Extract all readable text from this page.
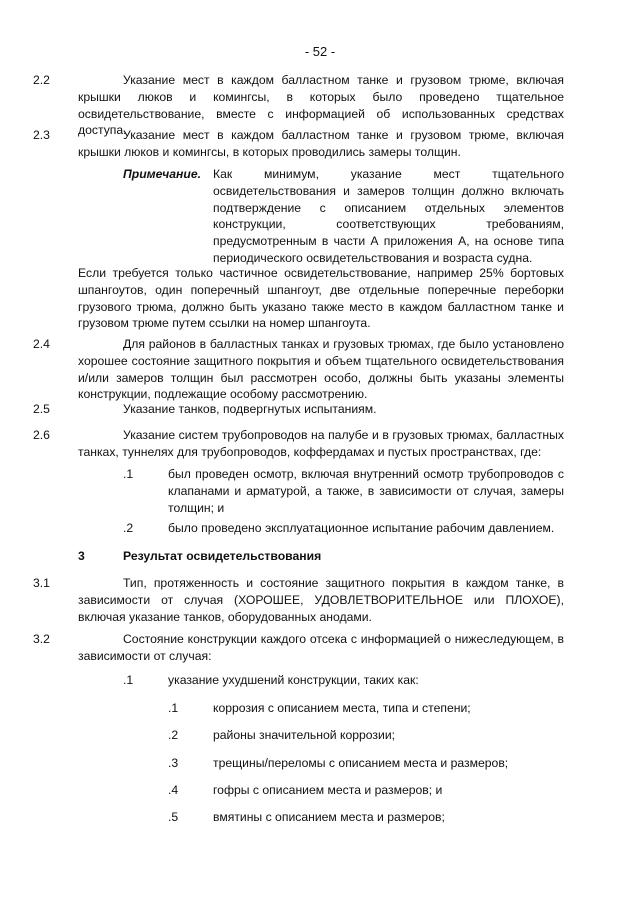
- 52 -
2.2	Указание мест в каждом балластном танке и грузовом трюме, включая крышки люков и комингсы, в которых было проведено тщательное освидетельствование, вместе с информацией об использованных средствах доступа.
2.3	Указание мест в каждом балластном танке и грузовом трюме, включая крышки люков и комингсы, в которых проводились замеры толщин.
Примечание. Как минимум, указание мест тщательного освидетельствования и замеров толщин должно включать подтверждение с описанием отдельных элементов конструкции, соответствующих требованиям, предусмотренным в части А приложения А, на основе типа периодического освидетельствования и возраста судна.
Если требуется только частичное освидетельствование, например 25% бортовых шпангоутов, один поперечный шпангоут, две отдельные поперечные переборки грузового трюма, должно быть указано также место в каждом балластном танке и грузовом трюме путем ссылки на номер шпангоута.
2.4	Для районов в балластных танках и грузовых трюмах, где было установлено хорошее состояние защитного покрытия и объем тщательного освидетельствования и/или замеров толщин был рассмотрен особо, должны быть указаны элементы конструкции, подлежащие особому рассмотрению.
2.5	Указание танков, подвергнутых испытаниям.
2.6	Указание систем трубопроводов на палубе и в грузовых трюмах, балластных танках, туннелях для трубопроводов, коффердамах и пустых пространствах, где:
.1	был проведен осмотр, включая внутренний осмотр трубопроводов с клапанами и арматурой, а также, в зависимости от случая, замеры толщин; и
.2	было проведено эксплуатационное испытание рабочим давлением.
3	Результат освидетельствования
3.1	Тип, протяженность и состояние защитного покрытия в каждом танке, в зависимости от случая (ХОРОШЕЕ, УДОВЛЕТВОРИТЕЛЬНОЕ или ПЛОХОЕ), включая указание танков, оборудованных анодами.
3.2	Состояние конструкции каждого отсека с информацией о нижеследующем, в зависимости от случая:
.1	указание ухудшений конструкции, таких как:
.1	коррозия с описанием места, типа и степени;
.2	районы значительной коррозии;
.3	трещины/переломы с описанием места и размеров;
.4	гофры с описанием места и размеров; и
.5	вмятины с описанием места и размеров;
